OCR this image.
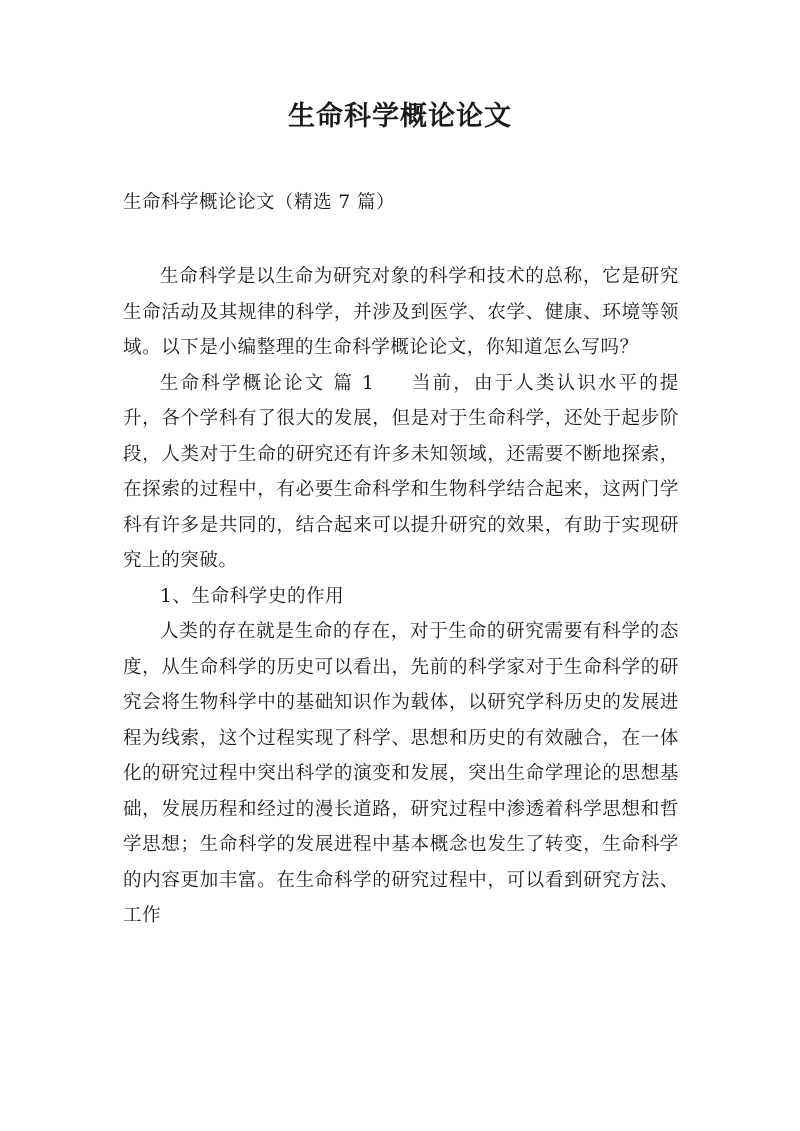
生命科学概论论文

生命科学概论论文（精选 7 篇）

生命科学是以生命为研究对象的科学和技术的总称，它是研究生命活动及其规律的科学，并涉及到医学、农学、健康、环境等领域。以下是小编整理的生命科学概论论文，你知道怎么写吗？

生命科学概论论文 篇 1 当前，由于人类认识水平的提升，各个学科有了很大的发展，但是对于生命科学，还处于起步阶段，人类对于生命的研究还有许多未知领域，还需要不断地探索，在探索的过程中，有必要生命科学和生物科学结合起来，这两门学科有许多是共同的，结合起来可以提升研究的效果，有助于实现研究上的突破。

1、生命科学史的作用

人类的存在就是生命的存在，对于生命的研究需要有科学的态度，从生命科学的历史可以看出，先前的科学家对于生命科学的研究会将生物科学中的基础知识作为载体，以研究学科历史的发展进程为线索，这个过程实现了科学、思想和历史的有效融合，在一体化的研究过程中突出科学的演变和发展，突出生命学理论的思想基础，发展历程和经过的漫长道路，研究过程中渗透着科学思想和哲学思想；生命科学的发展进程中基本概念也发生了转变，生命科学的内容更加丰富。在生命科学的研究过程中，可以看到研究方法、工作
